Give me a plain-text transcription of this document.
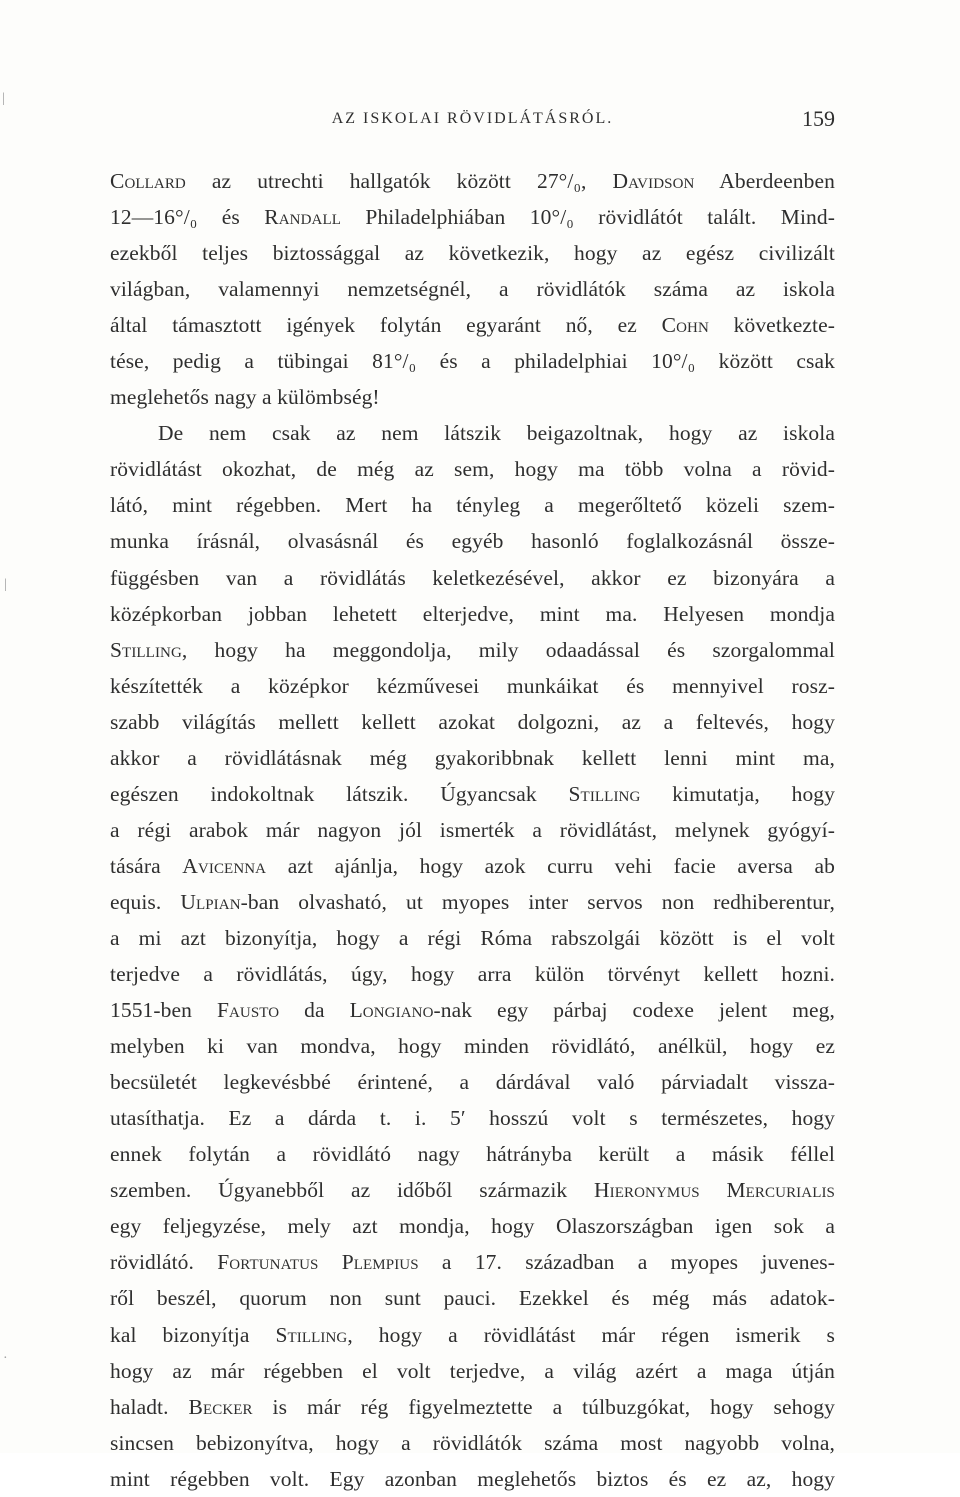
AZ ISKOLAI RÖVIDLÁTÁSRÓL.	159
Collard az utrechti hallgatók között 27°/₀, Davidson Aberdeenben
12—16°/₀ és Randall Philadelphiában 10°/₀ rövidlátót talált. Mind-
ezekből teljes biztossággal az következik, hogy az egész civilizált
világban, valamennyi nemzetségnél, a rövidlátók száma az iskola
által támasztott igények folytán egyaránt nő, ez Cohn következte-
tése, pedig a tübingai 81°/₀ és a philadelphiai 10°/₀ között csak
meglehetős nagy a külömbség!
De nem csak az nem látszik beigazoltnak, hogy az iskola
rövidlátást okozhat, de még az sem, hogy ma több volna a rövid-
látó, mint régebben. Mert ha tényleg a megerőltető közeli szem-
munka írásnál, olvasásnál és egyéb hasonló foglalkozásnál össze-
függésben van a rövidlátás keletkezésével, akkor ez bizonyára a
középkorban jobban lehetett elterjedve, mint ma. Helyesen mondja
Stilling, hogy ha meggondolja, mily odaadással és szorgalommal
készítették a középkor kézművesei munkáikat és mennyivel rosz-
szabb világítás mellett kellett azokat dolgozni, az a feltevés, hogy
akkor a rövidlátásnak még gyakoribbnak kellett lenni mint ma,
egészen indokoltnak látszik. Úgyancsak Stilling kimutatja, hogy
a régi arabok már nagyon jól ismerték a rövidlátást, melynek gyógyí-
tására Avicenna azt ajánlja, hogy azok curru vehi facie aversa ab
equis. Ulpian-ban olvasható, ut myopes inter servos non redhiberentur,
a mi azt bizonyítja, hogy a régi Róma rabszolgái között is el volt
terjedve a rövidlátás, úgy, hogy arra külön törvényt kellett hozni.
1551-ben Fausto da Longiano-nak egy párbaj codexe jelent meg,
melyben ki van mondva, hogy minden rövidlátó, anélkül, hogy ez
becsületét legkevésbbé érintené, a dárdával való párviadalt vissza-
utasíthatja. Ez a dárda t. i. 5′ hosszú volt s természetes, hogy
ennek folytán a rövidlátó nagy hátrányba került a másik féllel
szemben. Úgyanebből az időből származik Hieronymus Mercurialis
egy feljegyzése, mely azt mondja, hogy Olaszországban igen sok a
rövidlátó. Fortunatus Plempius a 17. században a myopes juvenes-
ről beszél, quorum non sunt pauci. Ezekkel és még más adatok-
kal bizonyítja Stilling, hogy a rövidlátást már régen ismerik s
hogy az már régebben el volt terjedve, a világ azért a maga útján
haladt. Becker is már rég figyelmeztette a túlbuzgókat, hogy sehogy
sincsen bebizonyítva, hogy a rövidlátók száma most nagyobb volna,
mint régebben volt. Egy azonban meglehetős biztos és ez az, hogy
|
|
·
